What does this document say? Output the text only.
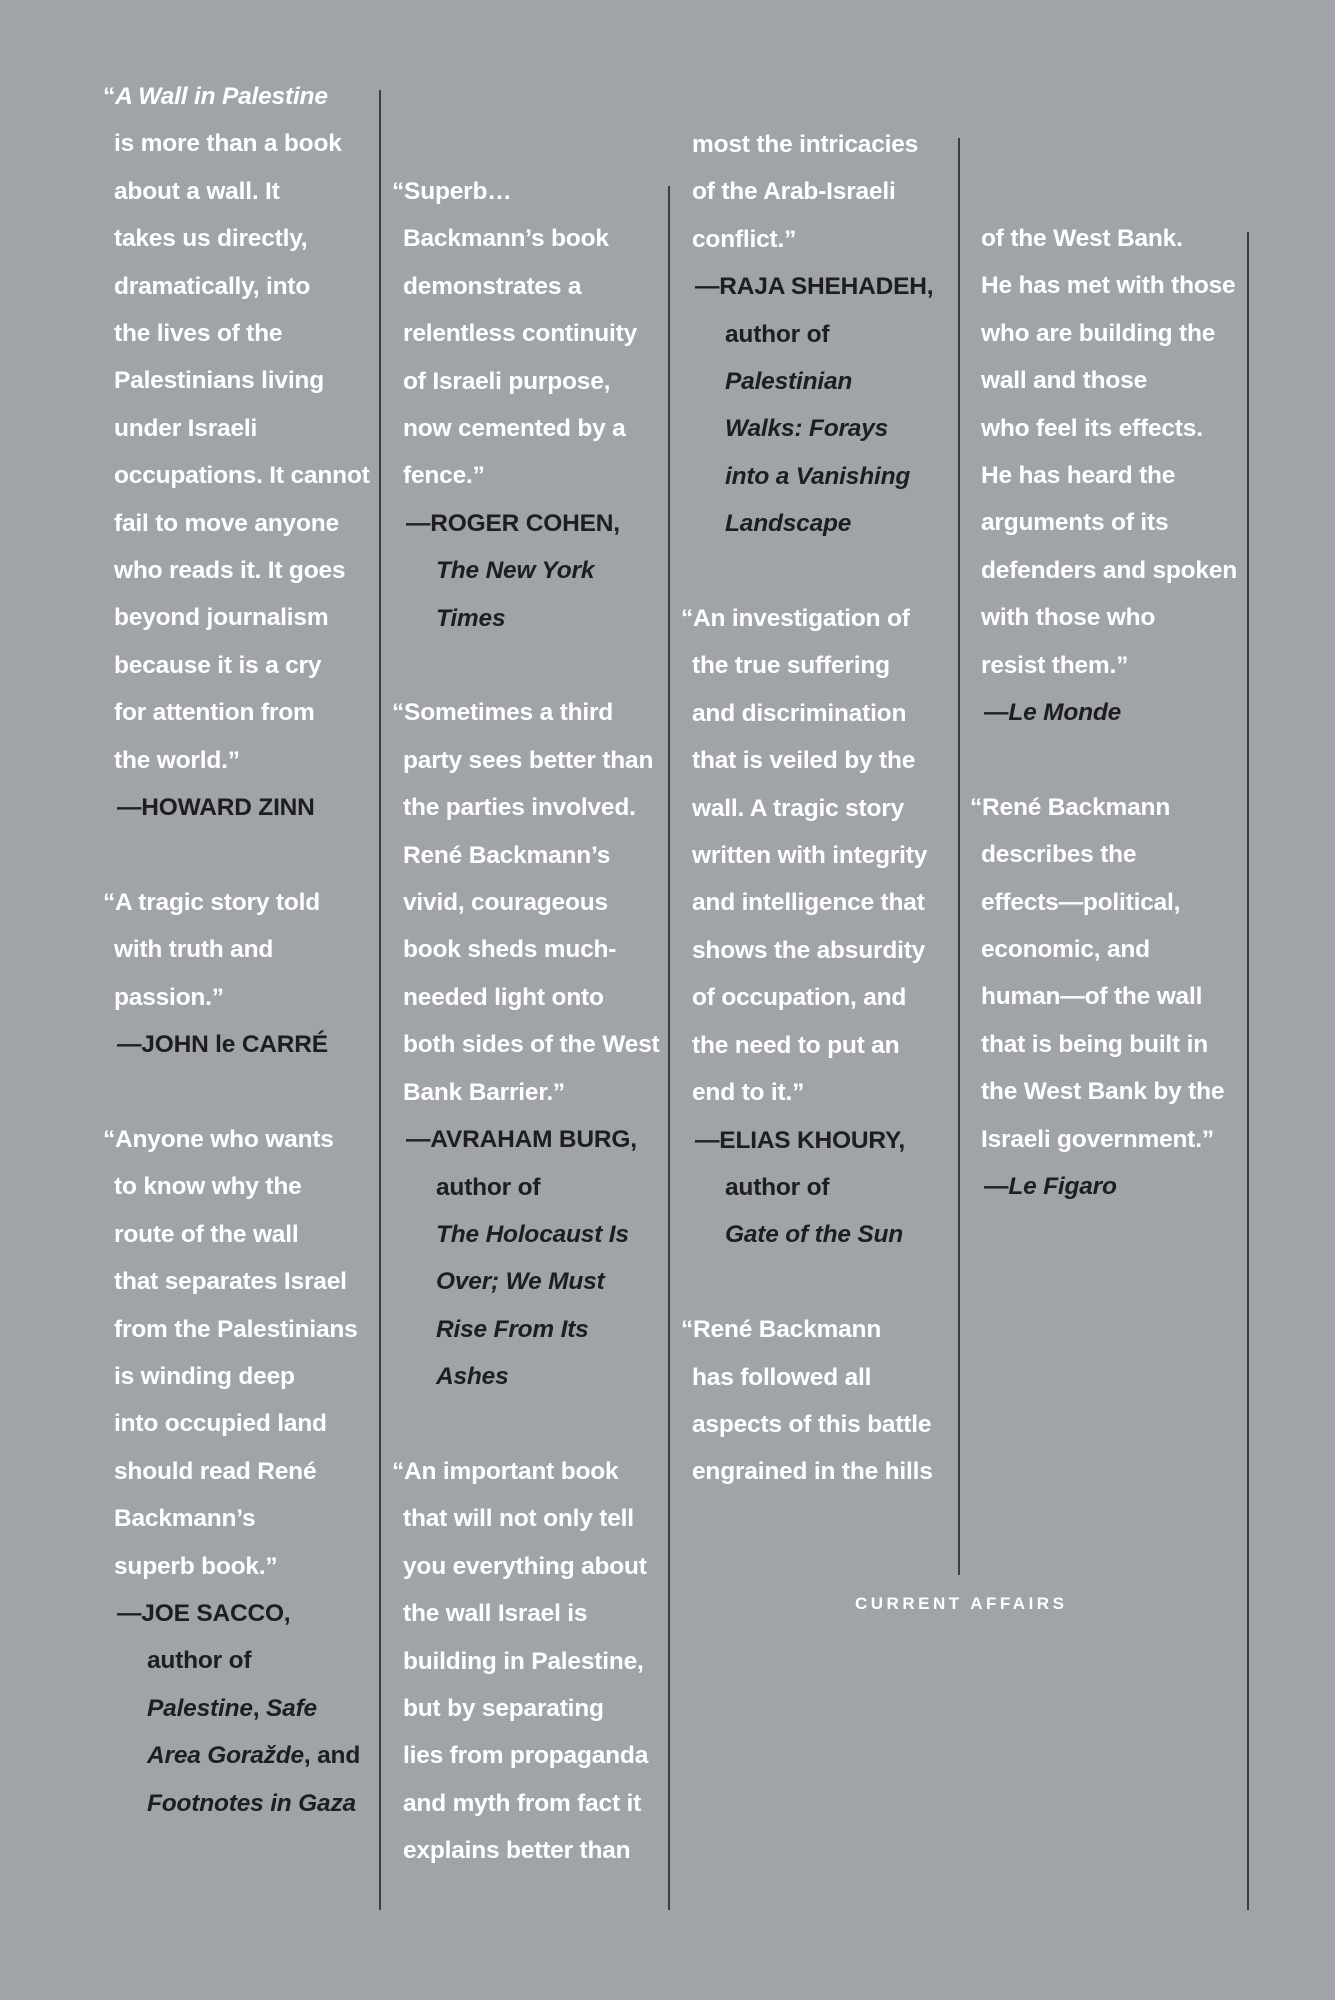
“A Wall in Palestine
is more than a book
about a wall. It
takes us directly,
dramatically, into
the lives of the
Palestinians living
under Israeli
occupations. It cannot
fail to move anyone
who reads it. It goes
beyond journalism
because it is a cry
for attention from
the world.”
—HOWARD ZINN
“A tragic story told
with truth and
passion.”
—JOHN le CARRÉ
“Anyone who wants
to know why the
route of the wall
that separates Israel
from the Palestinians
is winding deep
into occupied land
should read René
Backmann’s
superb book.”
—JOE SACCO,
author of
Palestine, Safe
Area Goražde, and
Footnotes in Gaza
“Superb…
Backmann’s book
demonstrates a
relentless continuity
of Israeli purpose,
now cemented by a
fence.”
—ROGER COHEN,
The New York
Times
“Sometimes a third
party sees better than
the parties involved.
René Backmann’s
vivid, courageous
book sheds much-
needed light onto
both sides of the West
Bank Barrier.”
—AVRAHAM BURG,
author of
The Holocaust Is
Over; We Must
Rise From Its
Ashes
“An important book
that will not only tell
you everything about
the wall Israel is
building in Palestine,
but by separating
lies from propaganda
and myth from fact it
explains better than
most the intricacies
of the Arab-Israeli
conflict.”
—RAJA SHEHADEH,
author of
Palestinian
Walks: Forays
into a Vanishing
Landscape
“An investigation of
the true suffering
and discrimination
that is veiled by the
wall. A tragic story
written with integrity
and intelligence that
shows the absurdity
of occupation, and
the need to put an
end to it.”
—ELIAS KHOURY,
author of
Gate of the Sun
“René Backmann
has followed all
aspects of this battle
engrained in the hills
of the West Bank.
He has met with those
who are building the
wall and those
who feel its effects.
He has heard the
arguments of its
defenders and spoken
with those who
resist them.”
—Le Monde
“René Backmann
describes the
effects—political,
economic, and
human—of the wall
that is being built in
the West Bank by the
Israeli government.”
—Le Figaro
CURRENT AFFAIRS
